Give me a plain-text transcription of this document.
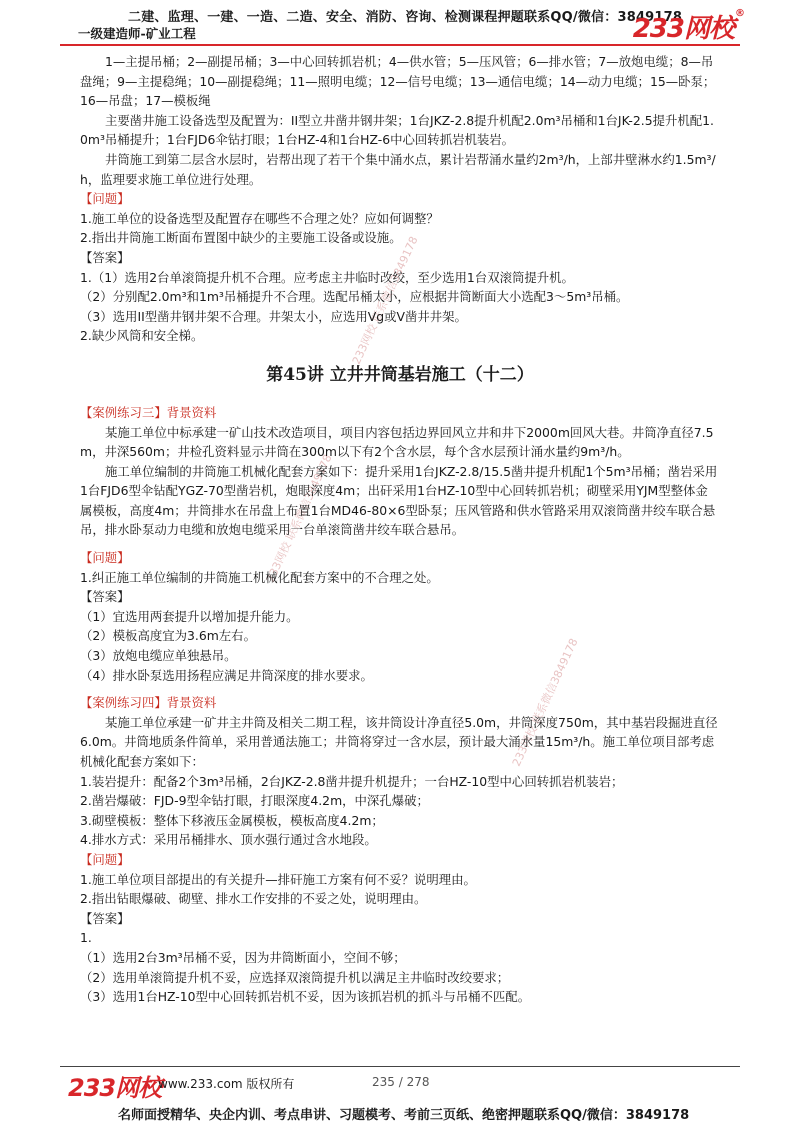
二建、监理、一建、一造、二造、安全、消防、咨询、检测课程押题联系QQ/微信：3849178
一级建造师-矿业工程	233网校®
233网校 联系微信3849178
233网校 联系微信3849178
233网校 联系微信3849178

1—主提吊桶；2—副提吊桶；3—中心回转抓岩机；4—供水管；5—压风管；6—排水管；7—放炮电缆；8—吊盘绳；9—主提稳绳；10—副提稳绳；11—照明电缆；12—信号电缆；13—通信电缆；14—动力电缆；15—卧泵；16—吊盘；17—模板绳

主要凿井施工设备选型及配置为：II型立井凿井钢井架；1台JKZ-2.8提升机配2.0m³吊桶和1台JK-2.5提升机配1.0m³吊桶提升；1台FJD6伞钻打眼；1台HZ-4和1台HZ-6中心回转抓岩机装岩。

井筒施工到第二层含水层时，岩帮出现了若干个集中涌水点，累计岩帮涌水量约2m³/h，上部井壁淋水约1.5m³/h，监理要求施工单位进行处理。

【问题】

1.施工单位的设备选型及配置存在哪些不合理之处？应如何调整？

2.指出井筒施工断面布置图中缺少的主要施工设备或设施。

【答案】

1.（1）选用2台单滚筒提升机不合理。应考虑主井临时改绞，至少选用1台双滚筒提升机。

（2）分别配2.0m³和1m³吊桶提升不合理。选配吊桶太小，应根据井筒断面大小选配3～5m³吊桶。

（3）选用II型凿井钢井架不合理。井架太小，应选用Vg或V凿井井架。

2.缺少风筒和安全梯。

第45讲 立井井筒基岩施工（十二）

【案例练习三】背景资料

某施工单位中标承建一矿山技术改造项目，项目内容包括边界回风立井和井下2000m回风大巷。井筒净直径7.5m，井深560m；井检孔资料显示井筒在300m以下有2个含水层，每个含水层预计涌水量约9m³/h。

施工单位编制的井筒施工机械化配套方案如下：提升采用1台JKZ-2.8/15.5凿井提升机配1个5m³吊桶；凿岩采用1台FJD6型伞钻配YGZ-70型凿岩机，炮眼深度4m；出矸采用1台HZ-10型中心回转抓岩机；砌壁采用YJM型整体金属模板，高度4m；井筒排水在吊盘上布置1台MD46-80×6型卧泵；压风管路和供水管路采用双滚筒凿井绞车联合悬吊，排水卧泵动力电缆和放炮电缆采用一台单滚筒凿井绞车联合悬吊。

【问题】

1.纠正施工单位编制的井筒施工机械化配套方案中的不合理之处。

【答案】

（1）宜选用两套提升以增加提升能力。

（2）模板高度宜为3.6m左右。

（3）放炮电缆应单独悬吊。

（4）排水卧泵选用扬程应满足井筒深度的排水要求。

【案例练习四】背景资料

某施工单位承建一矿井主井筒及相关二期工程，该井筒设计净直径5.0m，井筒深度750m，其中基岩段掘进直径6.0m。井筒地质条件简单，采用普通法施工；井筒将穿过一含水层，预计最大涌水量15m³/h。施工单位项目部考虑机械化配套方案如下：

1.装岩提升：配备2个3m³吊桶，2台JKZ-2.8凿井提升机提升；一台HZ-10型中心回转抓岩机装岩；

2.凿岩爆破：FJD-9型伞钻打眼，打眼深度4.2m，中深孔爆破；

3.砌壁模板：整体下移液压金属模板，模板高度4.2m；

4.排水方式：采用吊桶排水、顶水强行通过含水地段。

【问题】

1.施工单位项目部提出的有关提升—排矸施工方案有何不妥？说明理由。

2.指出钻眼爆破、砌壁、排水工作安排的不妥之处，说明理由。

【答案】

1.

（1）选用2台3m³吊桶不妥，因为井筒断面小，空间不够；

（2）选用单滚筒提升机不妥，应选择双滚筒提升机以满足主井临时改绞要求；

（3）选用1台HZ-10型中心回转抓岩机不妥，因为该抓岩机的抓斗与吊桶不匹配。

233网校
www.233.com 版权所有	235 / 278
名师面授精华、央企内训、考点串讲、习题模考、考前三页纸、绝密押题联系QQ/微信：3849178
